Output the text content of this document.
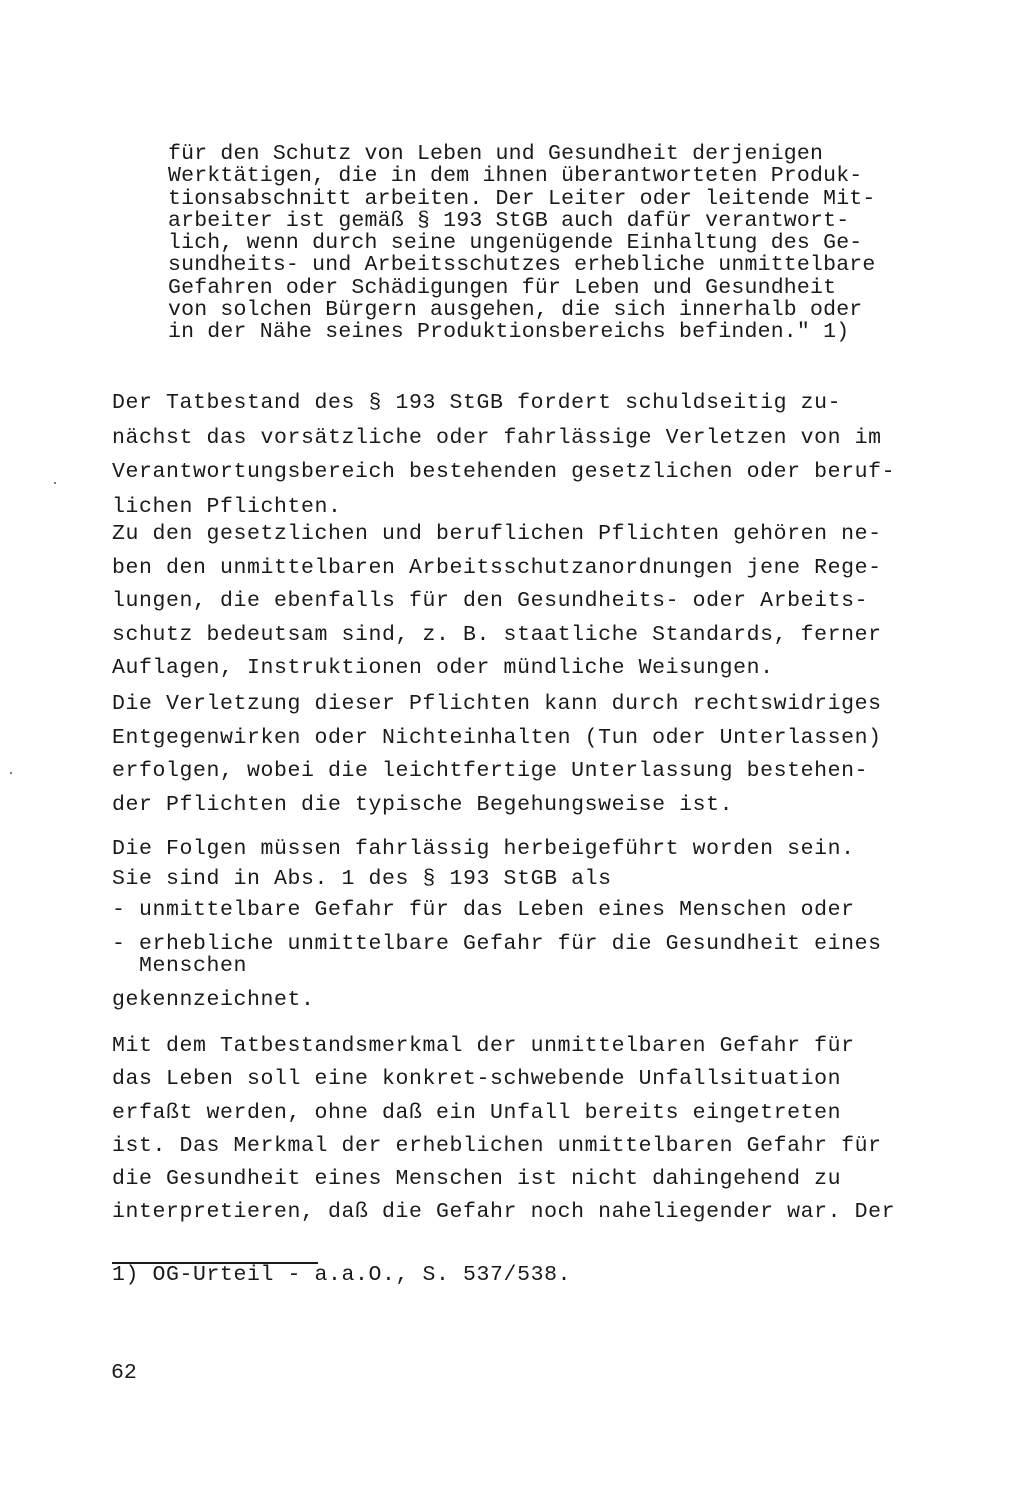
für den Schutz von Leben und Gesundheit derjenigen
Werktätigen, die in dem ihnen überantworteten Produk-
tionsabschnitt arbeiten. Der Leiter oder leitende Mit-
arbeiter ist gemäß § 193 StGB auch dafür verantwort-
lich, wenn durch seine ungenügende Einhaltung des Ge-
sundheits- und Arbeitsschutzes erhebliche unmittelbare
Gefahren oder Schädigungen für Leben und Gesundheit
von solchen Bürgern ausgehen, die sich innerhalb oder
in der Nähe seines Produktionsbereichs befinden." 1)
Der Tatbestand des § 193 StGB fordert schuldseitig zu-
nächst das vorsätzliche oder fahrlässige Verletzen von im
Verantwortungsbereich bestehenden gesetzlichen oder beruf-
lichen Pflichten.
Zu den gesetzlichen und beruflichen Pflichten gehören ne-
ben den unmittelbaren Arbeitsschutzanordnungen jene Rege-
lungen, die ebenfalls für den Gesundheits- oder Arbeits-
schutz bedeutsam sind, z. B. staatliche Standards, ferner
Auflagen, Instruktionen oder mündliche Weisungen.
Die Verletzung dieser Pflichten kann durch rechtswidriges
Entgegenwirken oder Nichteinhalten (Tun oder Unterlassen)
erfolgen, wobei die leichtfertige Unterlassung bestehen-
der Pflichten die typische Begehungsweise ist.
Die Folgen müssen fahrlässig herbeigeführt worden sein.
Sie sind in Abs. 1 des § 193 StGB als
- unmittelbare Gefahr für das Leben eines Menschen oder
- erhebliche unmittelbare Gefahr für die Gesundheit eines
Menschen
gekennzeichnet.
Mit dem Tatbestandsmerkmal der unmittelbaren Gefahr für
das Leben soll eine konkret-schwebende Unfallsituation
erfaßt werden, ohne daß ein Unfall bereits eingetreten
ist. Das Merkmal der erheblichen unmittelbaren Gefahr für
die Gesundheit eines Menschen ist nicht dahingehend zu
interpretieren, daß die Gefahr noch naheliegender war. Der
1) OG-Urteil - a.a.O., S. 537/538.
62
